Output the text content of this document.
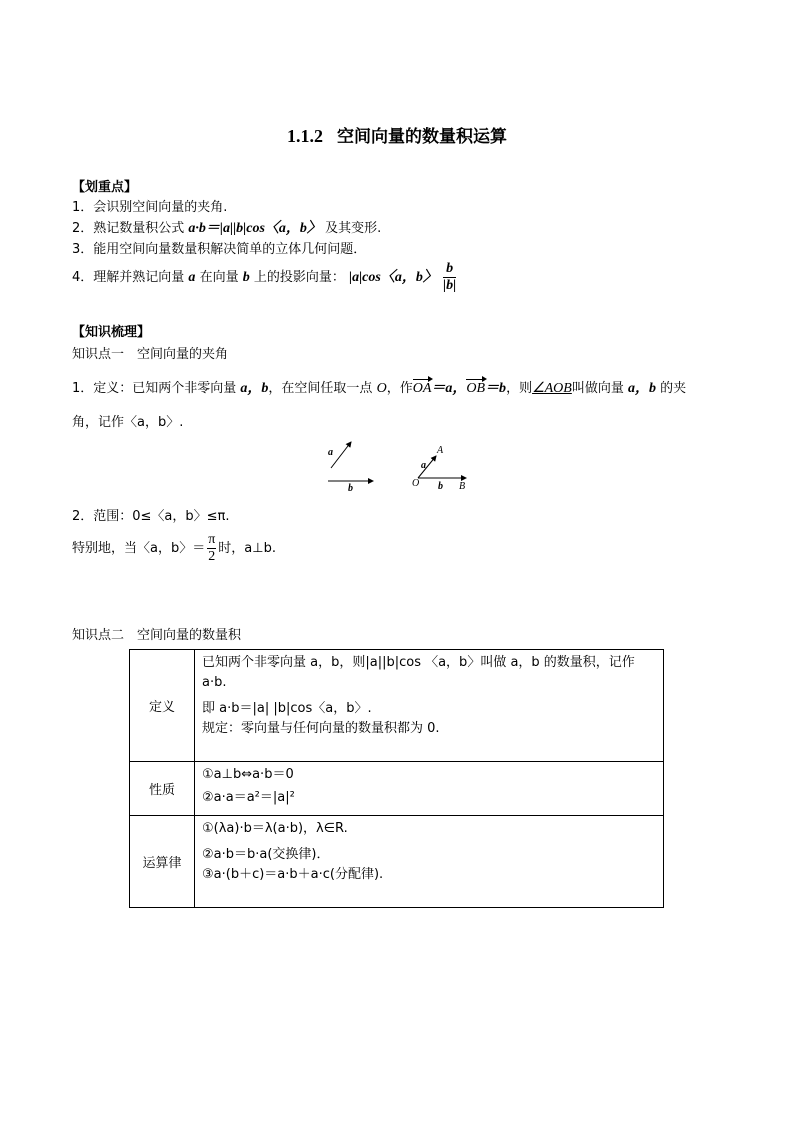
1.1.2 空间向量的数量积运算
【划重点】
1．会识别空间向量的夹角.
2．熟记数量积公式 a·b＝|a||b|cos〈a，b〉 及其变形.
3．能用空间向量数量积解决简单的立体几何问题．
4．理解并熟记向量 a 在向量 b 上的投影向量： |a|cos〈a，b〉 $\frac{b}{|b|}$
【知识梳理】
知识点一　空间向量的夹角
1．定义：已知两个非零向量 a，b，在空间任取一点 O，作OA＝a，OB＝b，则∠AOB叫做向量 a，b 的夹
角，记作〈a，b〉.
a
b
A
a
O b B
2．范围：0≤〈a，b〉≤π.
特别地，当〈a，b〉＝ $\frac{\pi}{2}$ 时，a⊥b.
知识点二　空间向量的数量积
定义	已知两个非零向量 a，b，则|a||b|cos 〈a，b〉叫做 a，b 的数量积，记作
a·b.
即 a·b＝|a| |b|cos〈a，b〉.
规定：零向量与任何向量的数量积都为 0.

性质	①a⊥b⇔a·b＝0
②a·a＝a²＝|a|²

运算律	①(λa)·b＝λ(a·b)，λ∈R.
②a·b＝b·a(交换律)．
③a·(b＋c)＝a·b＋a·c(分配律).
